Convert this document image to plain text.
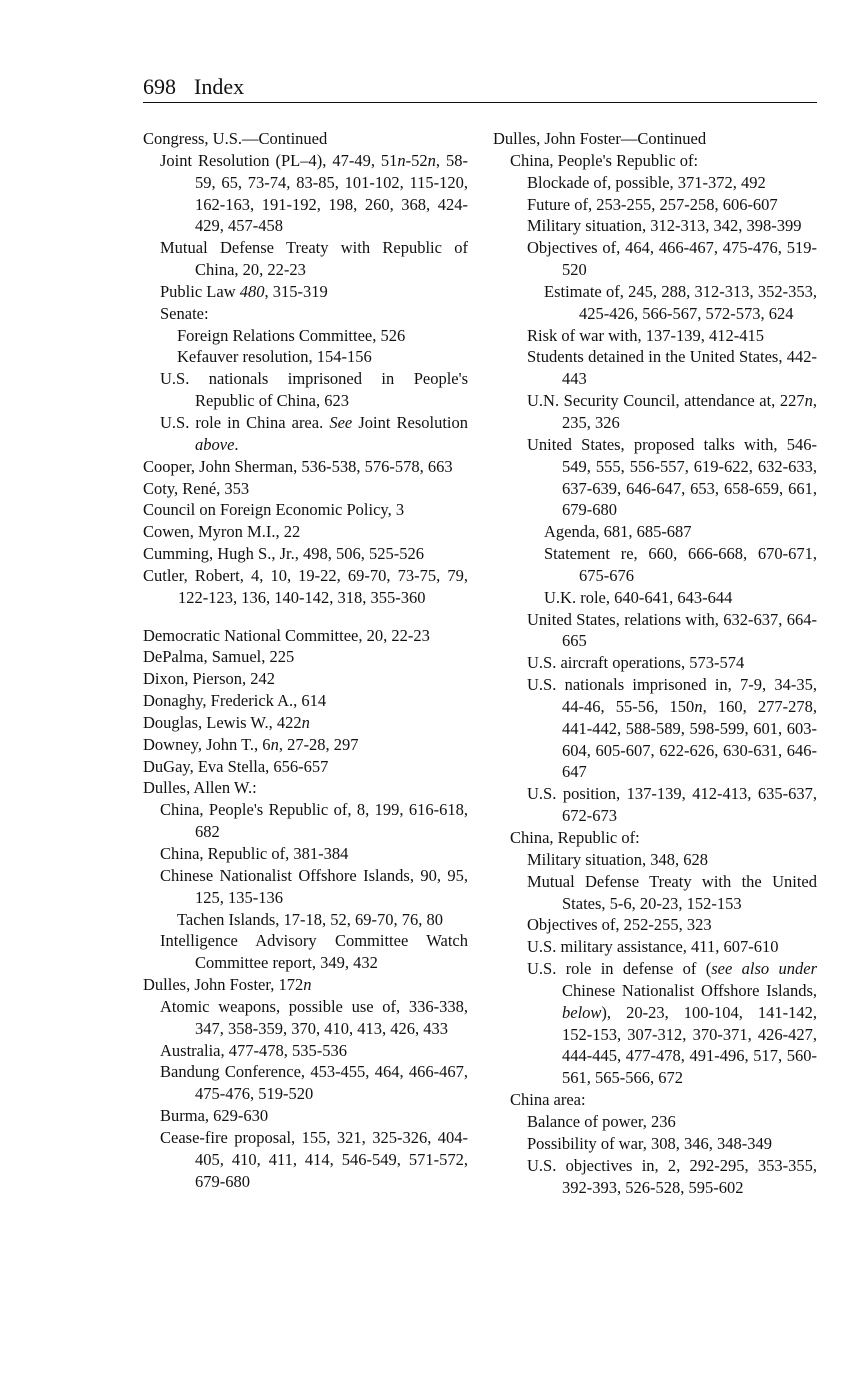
698 Index

Congress, U.S.—Continued

Joint Resolution (PL–4), 47-49, 51n-52n, 58-59, 65, 73-74, 83-85, 101-102, 115-120, 162-163, 191-192, 198, 260, 368, 424-429, 457-458

Mutual Defense Treaty with Republic of China, 20, 22-23

Public Law 480, 315-319

Senate:

Foreign Relations Committee, 526

Kefauver resolution, 154-156

U.S. nationals imprisoned in People's Republic of China, 623

U.S. role in China area. See Joint Resolution above.

Cooper, John Sherman, 536-538, 576-578, 663

Coty, René, 353

Council on Foreign Economic Policy, 3

Cowen, Myron M.I., 22

Cumming, Hugh S., Jr., 498, 506, 525-526

Cutler, Robert, 4, 10, 19-22, 69-70, 73-75, 79, 122-123, 136, 140-142, 318, 355-360

Democratic National Committee, 20, 22-23

DePalma, Samuel, 225

Dixon, Pierson, 242

Donaghy, Frederick A., 614

Douglas, Lewis W., 422n

Downey, John T., 6n, 27-28, 297

DuGay, Eva Stella, 656-657

Dulles, Allen W.:

China, People's Republic of, 8, 199, 616-618, 682

China, Republic of, 381-384

Chinese Nationalist Offshore Islands, 90, 95, 125, 135-136

Tachen Islands, 17-18, 52, 69-70, 76, 80

Intelligence Advisory Committee Watch Committee report, 349, 432

Dulles, John Foster, 172n

Atomic weapons, possible use of, 336-338, 347, 358-359, 370, 410, 413, 426, 433

Australia, 477-478, 535-536

Bandung Conference, 453-455, 464, 466-467, 475-476, 519-520

Burma, 629-630

Cease-fire proposal, 155, 321, 325-326, 404-405, 410, 411, 414, 546-549, 571-572, 679-680

Dulles, John Foster—Continued

China, People's Republic of:

Blockade of, possible, 371-372, 492

Future of, 253-255, 257-258, 606-607

Military situation, 312-313, 342, 398-399

Objectives of, 464, 466-467, 475-476, 519-520

Estimate of, 245, 288, 312-313, 352-353, 425-426, 566-567, 572-573, 624

Risk of war with, 137-139, 412-415

Students detained in the United States, 442-443

U.N. Security Council, attendance at, 227n, 235, 326

United States, proposed talks with, 546-549, 555, 556-557, 619-622, 632-633, 637-639, 646-647, 653, 658-659, 661, 679-680

Agenda, 681, 685-687

Statement re, 660, 666-668, 670-671, 675-676

U.K. role, 640-641, 643-644

United States, relations with, 632-637, 664-665

U.S. aircraft operations, 573-574

U.S. nationals imprisoned in, 7-9, 34-35, 44-46, 55-56, 150n, 160, 277-278, 441-442, 588-589, 598-599, 601, 603-604, 605-607, 622-626, 630-631, 646-647

U.S. position, 137-139, 412-413, 635-637, 672-673

China, Republic of:

Military situation, 348, 628

Mutual Defense Treaty with the United States, 5-6, 20-23, 152-153

Objectives of, 252-255, 323

U.S. military assistance, 411, 607-610

U.S. role in defense of (see also under Chinese Nationalist Offshore Islands, below), 20-23, 100-104, 141-142, 152-153, 307-312, 370-371, 426-427, 444-445, 477-478, 491-496, 517, 560-561, 565-566, 672

China area:

Balance of power, 236

Possibility of war, 308, 346, 348-349

U.S. objectives in, 2, 292-295, 353-355, 392-393, 526-528, 595-602
